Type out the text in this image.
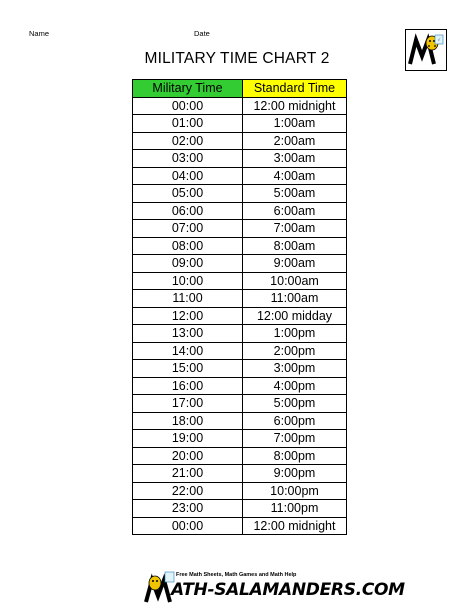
Name	Date
√
MILITARY TIME CHART 2
Military Time	Standard Time
00:00	12:00 midnight
01:00	1:00am
02:00	2:00am
03:00	3:00am
04:00	4:00am
05:00	5:00am
06:00	6:00am
07:00	7:00am
08:00	8:00am
09:00	9:00am
10:00	10:00am
11:00	11:00am
12:00	12:00 midday
13:00	1:00pm
14:00	2:00pm
15:00	3:00pm
16:00	4:00pm
17:00	5:00pm
18:00	6:00pm
19:00	7:00pm
20:00	8:00pm
21:00	9:00pm
22:00	10:00pm
23:00	11:00pm
00:00	12:00 midnight
Free Math Sheets, Math Games and Math Help
ATH-SALAMANDERS.COM
